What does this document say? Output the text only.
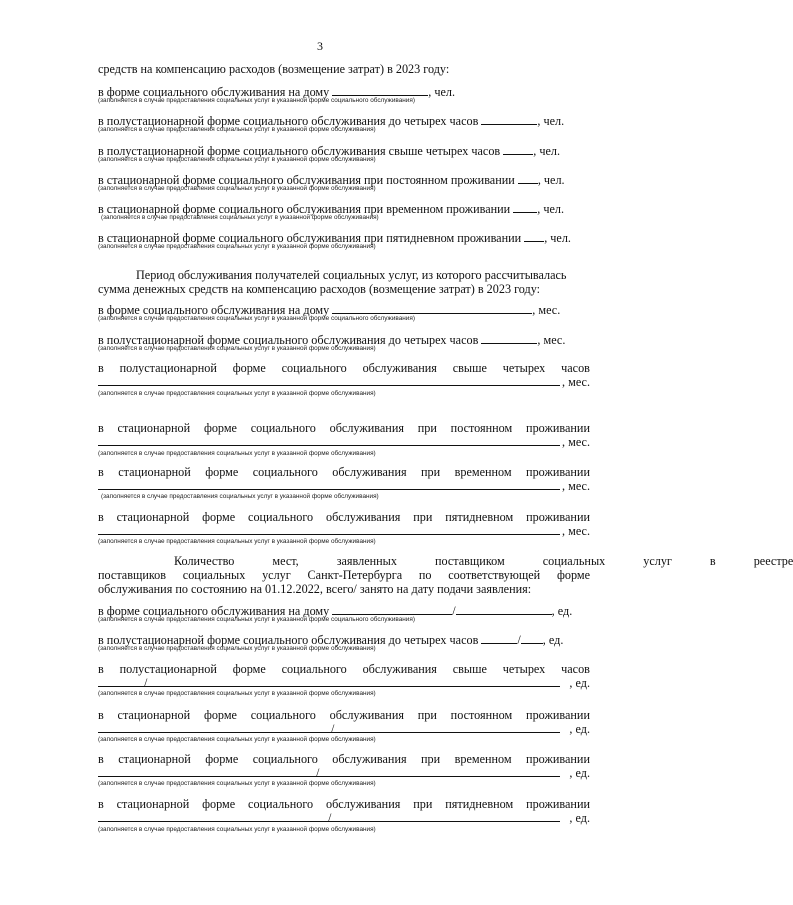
3
средств на компенсацию расходов (возмещение затрат) в 2023 году:
в форме социального обслуживания на дому	, чел.
(заполняется в случае предоставления социальных услуг в указанной форме социального обслуживания)
в полустационарной форме социального обслуживания до четырех часов	, чел.
(заполняется в случае предоставления социальных услуг в указанной форме обслуживания)
в полустационарной форме социального обслуживания свыше четырех часов	, чел.
(заполняется в случае предоставления социальных услуг в указанной форме обслуживания)
в стационарной форме социального обслуживания при постоянном проживании , чел.
(заполняется в случае предоставления социальных услуг в указанной форме обслуживания)
в стационарной форме социального обслуживания при временном проживании , чел.
(заполняется в случае предоставления социальных услуг в указанной форме обслуживания)
в стационарной форме социального обслуживания при пятидневном проживании , чел.
(заполняется в случае предоставления социальных услуг в указанной форме обслуживания)
Период обслуживания получателей социальных услуг, из которого рассчитывалась
сумма денежных средств на компенсацию расходов (возмещение затрат) в 2023 году:
в форме социального обслуживания на дому	, мес.
(заполняется в случае предоставления социальных услуг в указанной форме социального обслуживания)
в полустационарной форме социального обслуживания до четырех часов	, мес.
(заполняется в случае предоставления социальных услуг в указанной форме обслуживания)
в полустационарной форме социального обслуживания свыше четырех часов
, мес.
(заполняется в случае предоставления социальных услуг в указанной форме обслуживания)
в стационарной форме социального обслуживания при постоянном проживании
, мес.
(заполняется в случае предоставления социальных услуг в указанной форме обслуживания)
в стационарной форме социального обслуживания при временном проживании
, мес.
(заполняется в случае предоставления социальных услуг в указанной форме обслуживания)
в стационарной форме социального обслуживания при пятидневном проживании
, мес.
(заполняется в случае предоставления социальных услуг в указанной форме обслуживания)
Количество	мест,	заявленных	поставщиком	социальных	услуг	в	реестре
поставщиков социальных услуг Санкт-Петербурга по соответствующей форме
обслуживания по состоянию на 01.12.2022, всего/ занято на дату подачи заявления:
в форме социального обслуживания на дому	/	, ед.
(заполняется в случае предоставления социальных услуг в указанной форме социального обслуживания)
в полустационарной форме социального обслуживания до четырех часов	/ , ед.
(заполняется в случае предоставления социальных услуг в указанной форме обслуживания)
в полустационарной форме социального обслуживания свыше четырех часов
/	, ед.
(заполняется в случае предоставления социальных услуг в указанной форме обслуживания)
в стационарной форме социального обслуживания при постоянном проживании
/	, ед.
(заполняется в случае предоставления социальных услуг в указанной форме обслуживания)
в стационарной форме социального обслуживания при временном проживании
/	, ед.
(заполняется в случае предоставления социальных услуг в указанной форме обслуживания)
в стационарной форме социального обслуживания при пятидневном проживании
/	, ед.
(заполняется в случае предоставления социальных услуг в указанной форме обслуживания)
